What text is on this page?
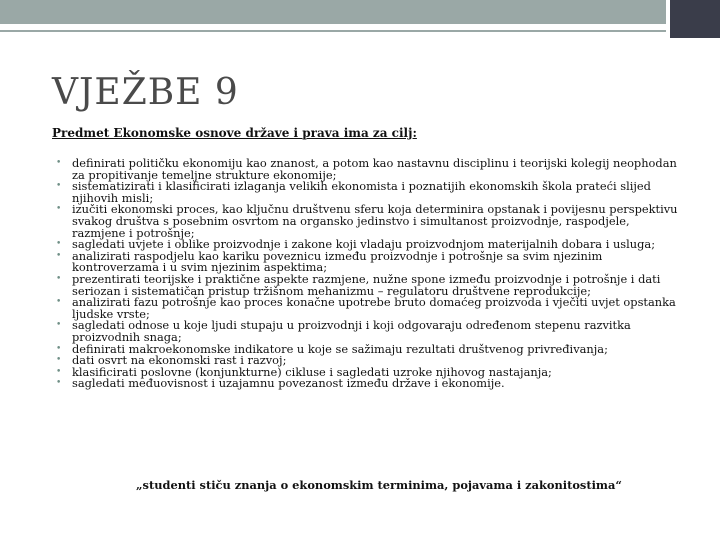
VJEŽBE 9

Predmet Ekonomske osnove države i prava ima za cilj:

• definirati političku ekonomiju kao znanost, a potom kao nastavnu disciplinu i teorijski kolegij neophodan za propitivanje temeljne strukture ekonomije;
• sistematizirati i klasificirati izlaganja velikih ekonomista i poznatijih ekonomskih škola prateći slijed njihovih misli;
• izučiti ekonomski proces, kao ključnu društvenu sferu koja determinira opstanak i povijesnu perspektivu svakog društva s posebnim osvrtom na organsko jedinstvo i simultanost proizvodnje, raspodjele, razmjene i potrošnje;
• sagledati uvjete i oblike proizvodnje i zakone koji vladaju proizvodnjom materijalnih dobara i usluga;
• analizirati raspodjelu kao kariku poveznicu između proizvodnje i potrošnje sa svim njezinim kontroverzama i u svim njezinim aspektima;
• prezentirati teorijske i praktične aspekte razmjene, nužne spone između proizvodnje i potrošnje i dati seriozan i sistematičan pristup tržišnom mehanizmu – regulatoru društvene reprodukcije;
• analizirati fazu potrošnje kao proces konačne upotrebe bruto domaćeg proizvoda i vječiti uvjet opstanka ljudske vrste;
• sagledati odnose u koje ljudi stupaju u proizvodnji i koji odgovaraju određenom stepenu razvitka proizvodnih snaga;
• definirati makroekonomske indikatore u koje se sažimaju rezultati društvenog privređivanja;
• dati osvrt na ekonomski rast i razvoj;
• klasificirati poslovne (konjunkturne) cikluse i sagledati uzroke njihovog nastajanja;
• sagledati međuovisnost i uzajamnu povezanost između države i ekonomije.

„studenti stiču znanja o ekonomskim terminima, pojavama i zakonitostima“
